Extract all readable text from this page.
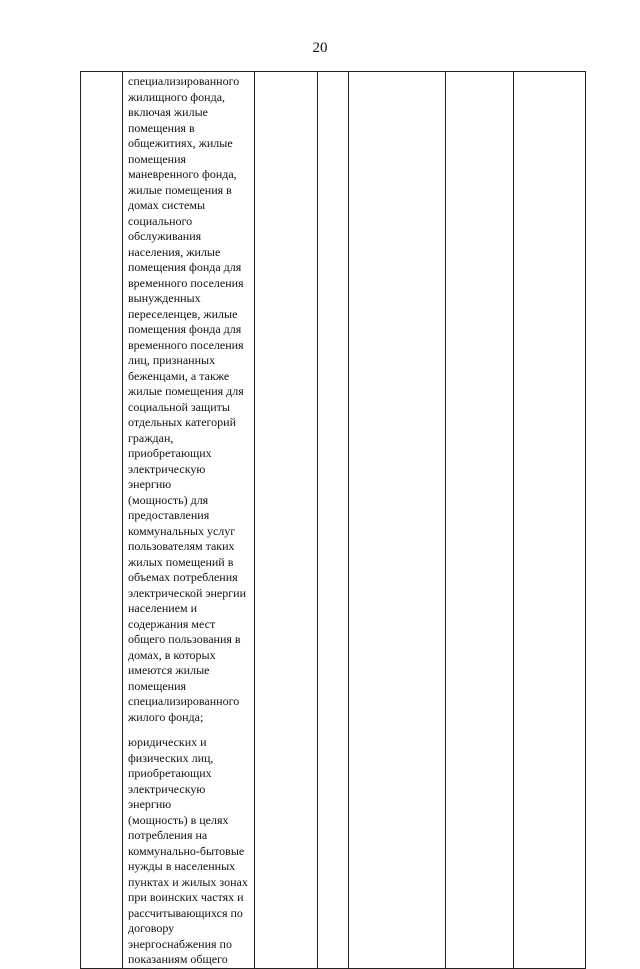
20

специализированного
жилищного фонда,
включая жилые
помещения в
общежитиях, жилые
помещения
маневренного фонда,
жилые помещения в
домах системы
социального
обслуживания
населения, жилые
помещения фонда для
временного поселения
вынужденных
переселенцев, жилые
помещения фонда для
временного поселения
лиц, признанных
беженцами, а также
жилые помещения для
социальной защиты
отдельных категорий
граждан,
приобретающих
электрическую энергию
(мощность) для
предоставления
коммунальных услуг
пользователям таких
жилых помещений в
объемах потребления
электрической энергии
населением и
содержания мест
общего пользования в
домах, в которых
имеются жилые
помещения
специализированного
жилого фонда;

юридических и
физических лиц,
приобретающих
электрическую энергию
(мощность) в целях
потребления на
коммунально-бытовые
нужды в населенных
пунктах и жилых зонах
при воинских частях и
рассчитывающихся по
договору
энергоснабжения по
показаниям общего
